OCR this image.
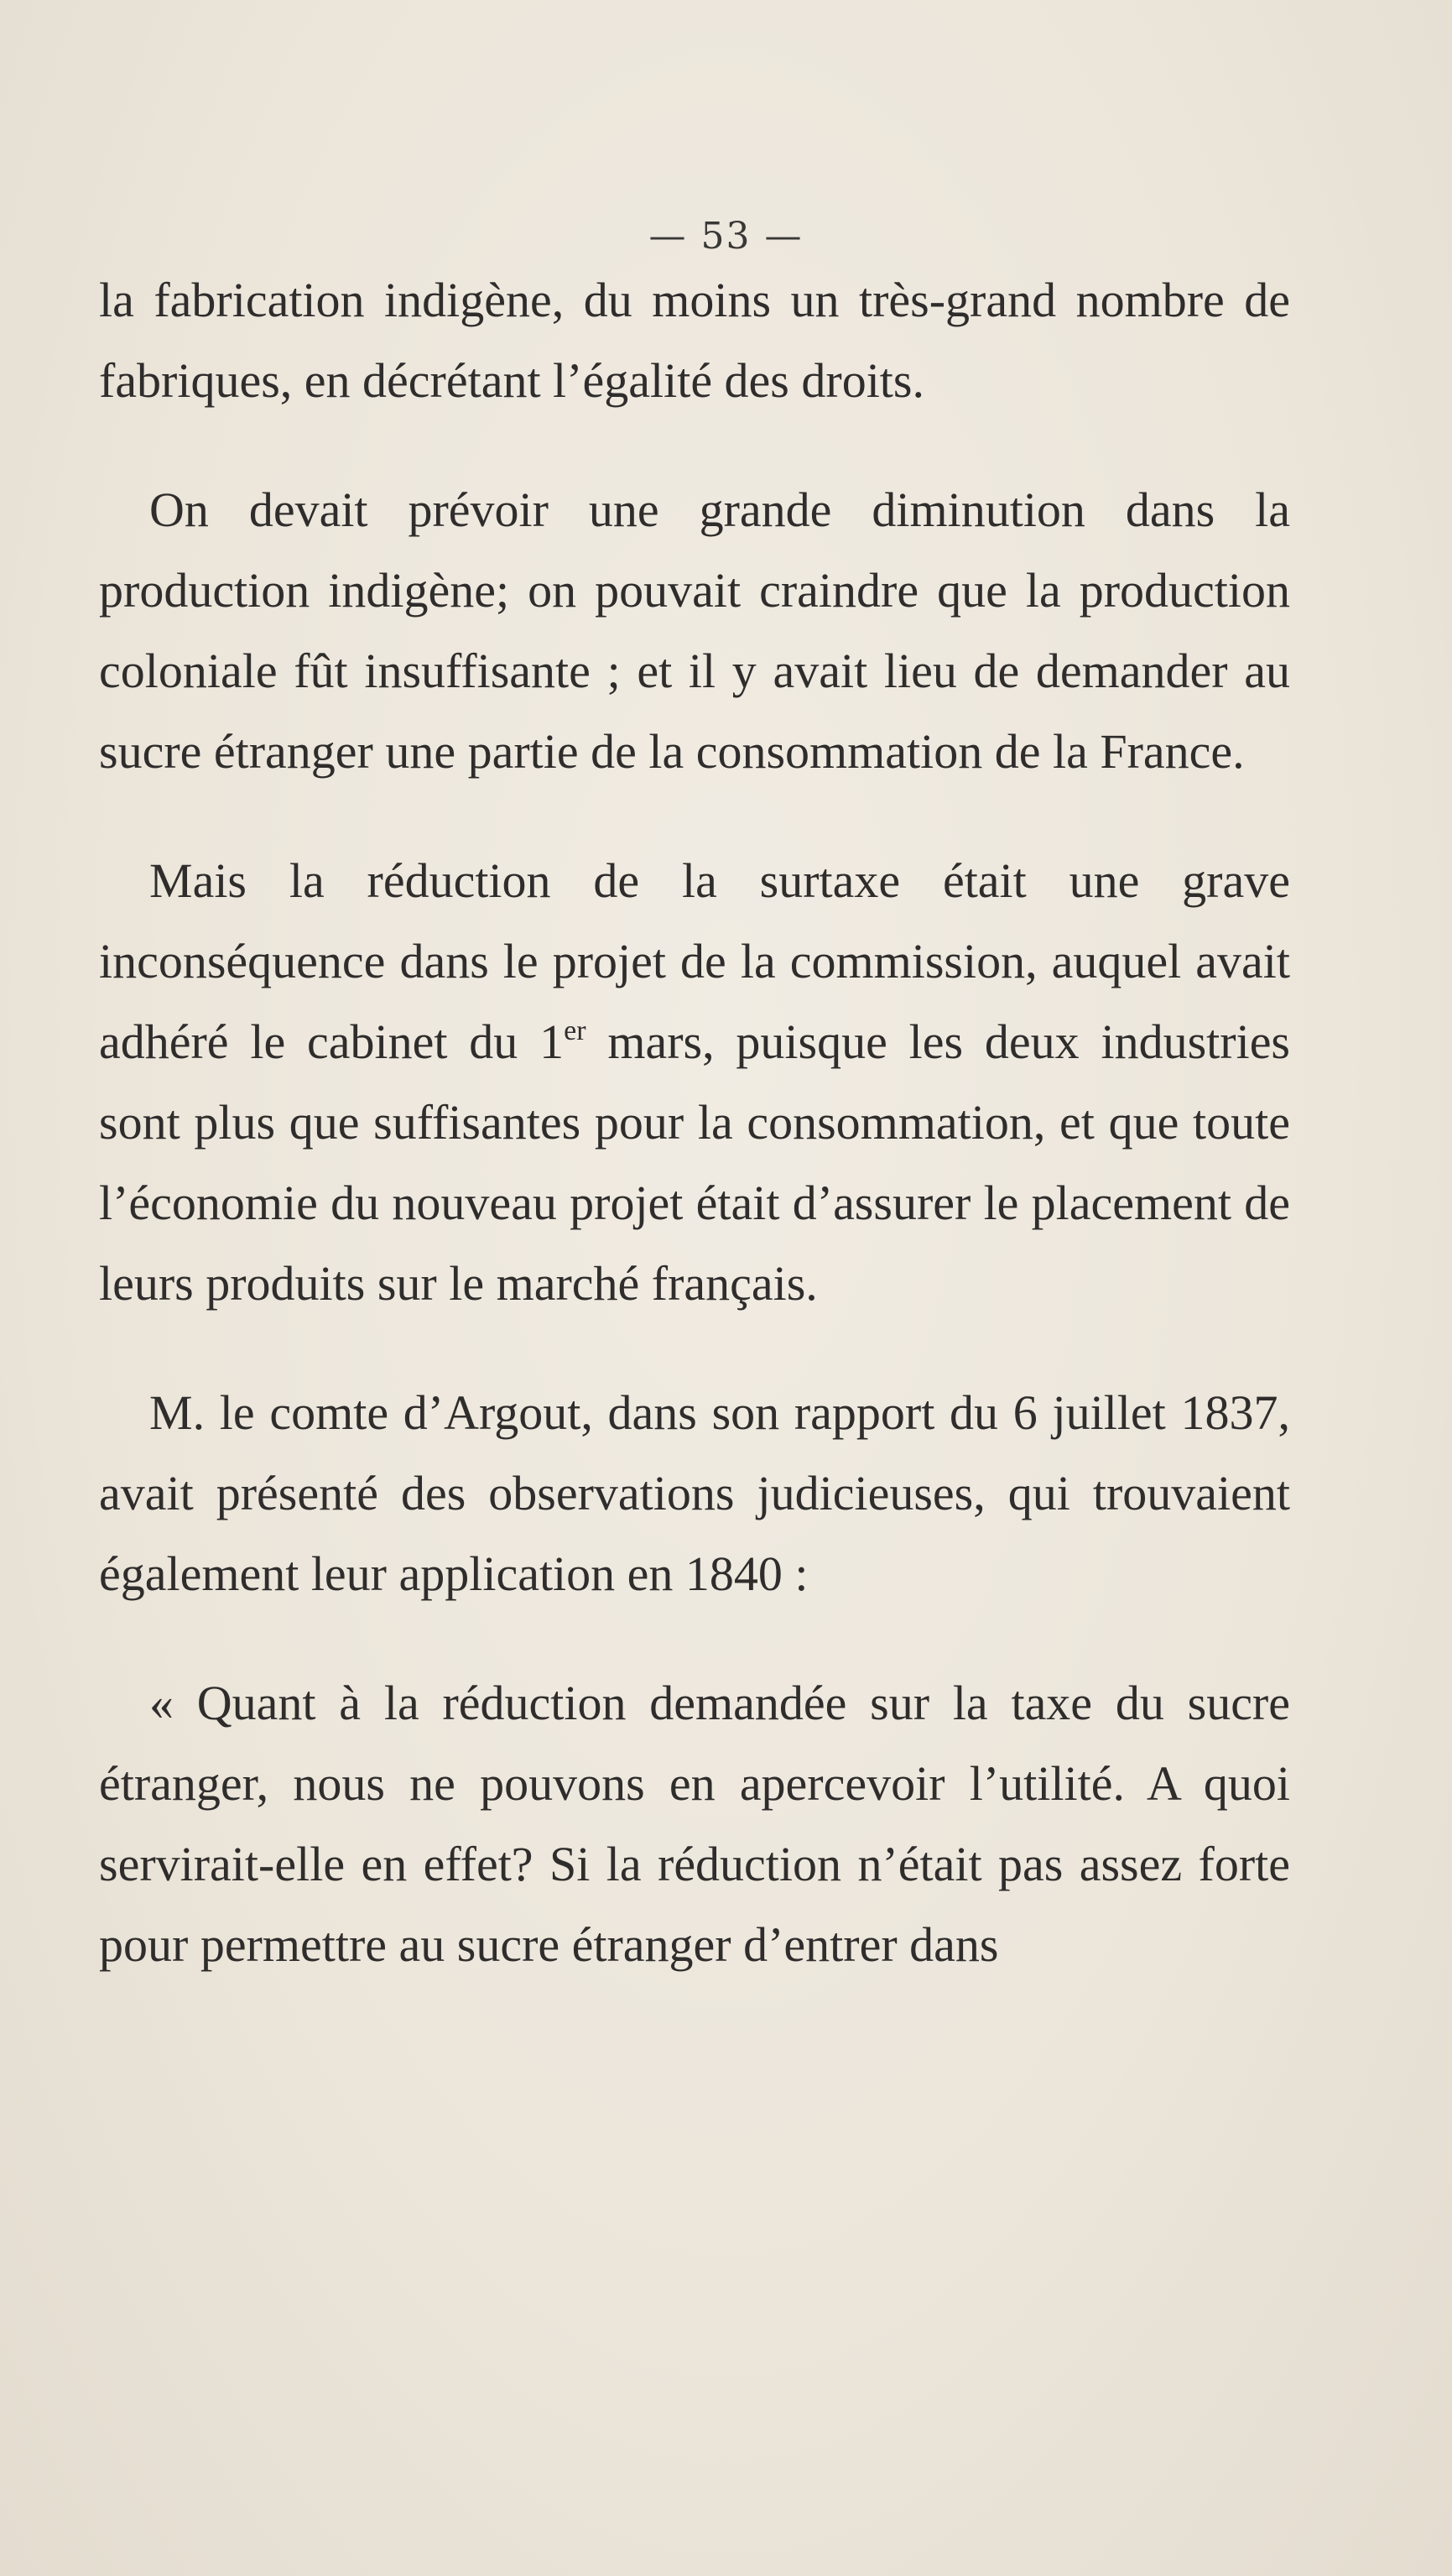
— 53 —

la fabrication indigène, du moins un très-grand nombre de fabriques, en décrétant l’égalité des droits.

On devait prévoir une grande diminution dans la production indigène; on pouvait craindre que la production coloniale fût insuffisante ; et il y avait lieu de demander au sucre étranger une partie de la consommation de la France.

Mais la réduction de la surtaxe était une grave inconséquence dans le projet de la commission, auquel avait adhéré le cabinet du 1er mars, puisque les deux industries sont plus que suffisantes pour la consommation, et que toute l’économie du nouveau projet était d’assurer le placement de leurs produits sur le marché français.

M. le comte d’Argout, dans son rapport du 6 juillet 1837, avait présenté des observations judicieuses, qui trouvaient également leur application en 1840 :

« Quant à la réduction demandée sur la taxe du sucre étranger, nous ne pouvons en apercevoir l’utilité. A quoi servirait-elle en effet? Si la réduction n’était pas assez forte pour permettre au sucre étranger d’entrer dans
